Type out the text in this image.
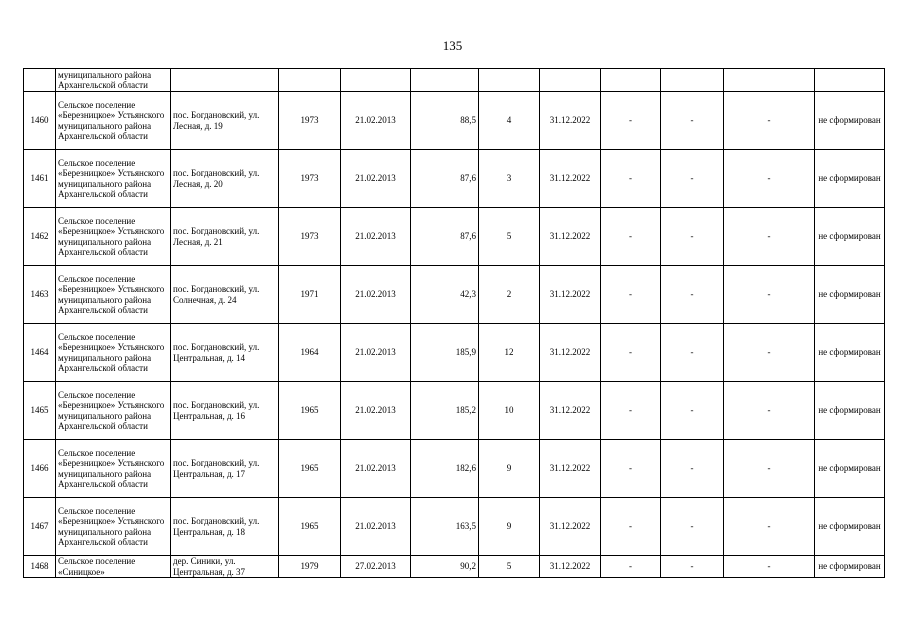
135
	муниципального района Архангельской области										
1460	Сельское поселение «Березницкое» Устьянского муниципального района Архангельской области	пос. Богдановский, ул. Лесная, д. 19	1973	21.02.2013	88,5	4	31.12.2022	-	-	-	не сформирован
1461	Сельское поселение «Березницкое» Устьянского муниципального района Архангельской области	пос. Богдановский, ул. Лесная, д. 20	1973	21.02.2013	87,6	3	31.12.2022	-	-	-	не сформирован
1462	Сельское поселение «Березницкое» Устьянского муниципального района Архангельской области	пос. Богдановский, ул. Лесная, д. 21	1973	21.02.2013	87,6	5	31.12.2022	-	-	-	не сформирован
1463	Сельское поселение «Березницкое» Устьянского муниципального района Архангельской области	пос. Богдановский, ул. Солнечная, д. 24	1971	21.02.2013	42,3	2	31.12.2022	-	-	-	не сформирован
1464	Сельское поселение «Березницкое» Устьянского муниципального района Архангельской области	пос. Богдановский, ул. Центральная, д. 14	1964	21.02.2013	185,9	12	31.12.2022	-	-	-	не сформирован
1465	Сельское поселение «Березницкое» Устьянского муниципального района Архангельской области	пос. Богдановский, ул. Центральная, д. 16	1965	21.02.2013	185,2	10	31.12.2022	-	-	-	не сформирован
1466	Сельское поселение «Березницкое» Устьянского муниципального района Архангельской области	пос. Богдановский, ул. Центральная, д. 17	1965	21.02.2013	182,6	9	31.12.2022	-	-	-	не сформирован
1467	Сельское поселение «Березницкое» Устьянского муниципального района Архангельской области	пос. Богдановский, ул. Центральная, д. 18	1965	21.02.2013	163,5	9	31.12.2022	-	-	-	не сформирован
1468	Сельское поселение «Синицкое»	дер. Синики, ул. Центральная, д. 37	1979	27.02.2013	90,2	5	31.12.2022	-	-	-	не сформирован
